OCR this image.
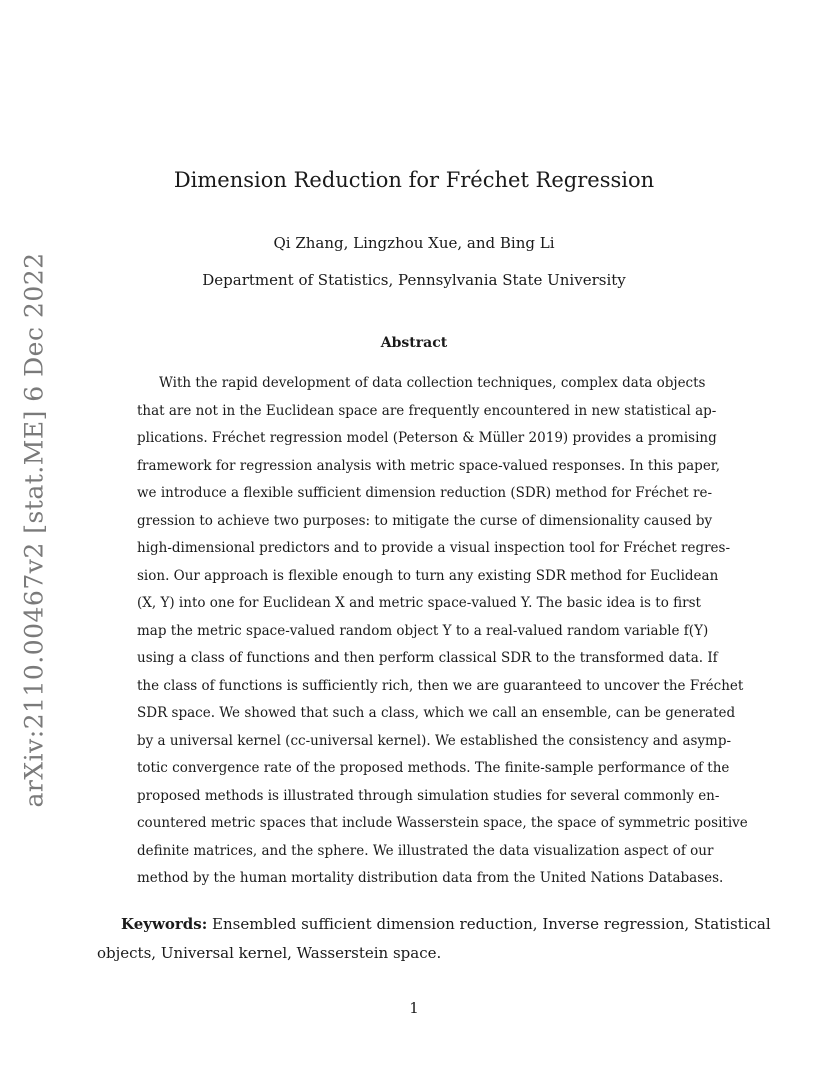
arXiv:2110.00467v2 [stat.ME] 6 Dec 2022
Dimension Reduction for Fréchet Regression
Qi Zhang, Lingzhou Xue, and Bing Li
Department of Statistics, Pennsylvania State University
Abstract

With the rapid development of data collection techniques, complex data objects
that are not in the Euclidean space are frequently encountered in new statistical ap-
plications. Fréchet regression model (Peterson & Müller 2019) provides a promising
framework for regression analysis with metric space-valued responses. In this paper,
we introduce a flexible sufficient dimension reduction (SDR) method for Fréchet re-
gression to achieve two purposes: to mitigate the curse of dimensionality caused by
high-dimensional predictors and to provide a visual inspection tool for Fréchet regres-
sion. Our approach is flexible enough to turn any existing SDR method for Euclidean
(X, Y) into one for Euclidean X and metric space-valued Y. The basic idea is to first
map the metric space-valued random object Y to a real-valued random variable f(Y)
using a class of functions and then perform classical SDR to the transformed data. If
the class of functions is sufficiently rich, then we are guaranteed to uncover the Fréchet
SDR space. We showed that such a class, which we call an ensemble, can be generated
by a universal kernel (cc-universal kernel). We established the consistency and asymp-
totic convergence rate of the proposed methods. The finite-sample performance of the
proposed methods is illustrated through simulation studies for several commonly en-
countered metric spaces that include Wasserstein space, the space of symmetric positive
definite matrices, and the sphere. We illustrated the data visualization aspect of our
method by the human mortality distribution data from the United Nations Databases.

Keywords: Ensembled sufficient dimension reduction, Inverse regression, Statistical
objects, Universal kernel, Wasserstein space.
1
